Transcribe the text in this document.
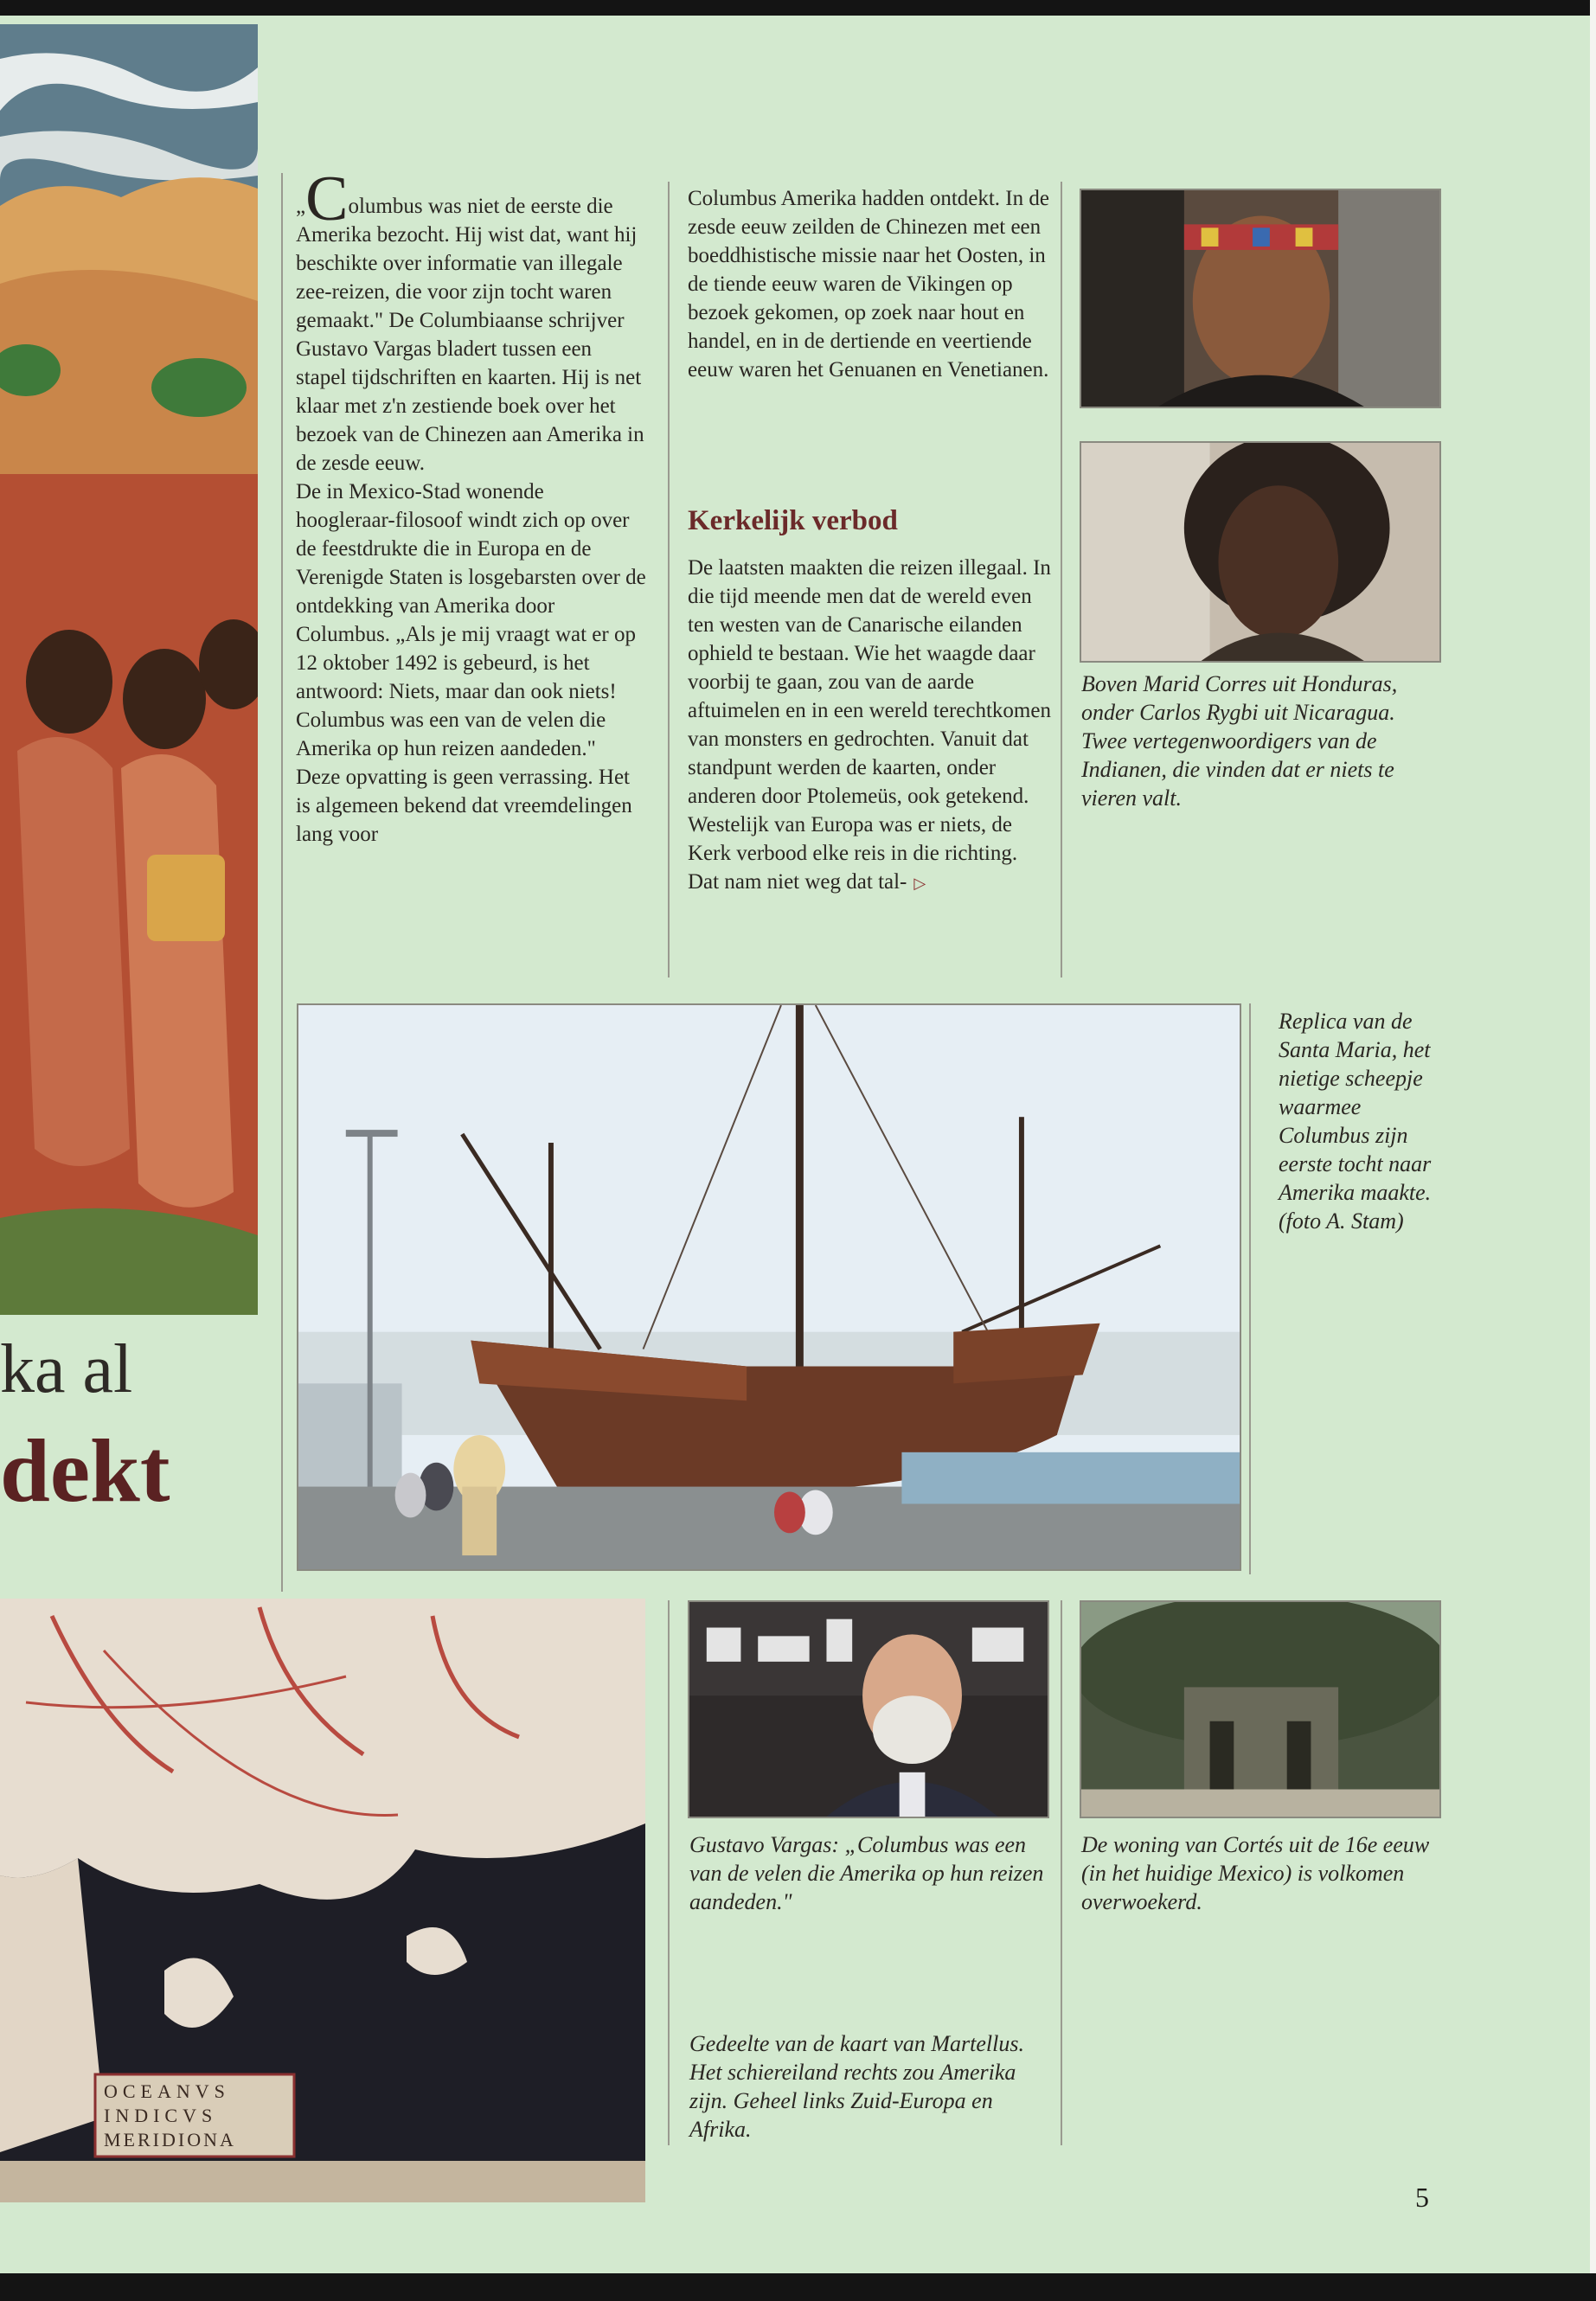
ka al
dekt

„Columbus was niet de eerste die Amerika bezocht. Hij wist dat, want hij beschikte over informatie van illegale zee-reizen, die voor zijn tocht waren gemaakt." De Columbiaanse schrijver Gustavo Vargas bladert tussen een stapel tijdschriften en kaarten. Hij is net klaar met z'n zestiende boek over het bezoek van de Chinezen aan Amerika in de zesde eeuw.

De in Mexico-Stad wonende hoogleraar-filosoof windt zich op over de feestdrukte die in Europa en de Verenigde Staten is losgebarsten over de ontdekking van Amerika door Columbus. „Als je mij vraagt wat er op 12 oktober 1492 is gebeurd, is het antwoord: Niets, maar dan ook niets! Columbus was een van de velen die Amerika op hun reizen aandeden."

Deze opvatting is geen verrassing. Het is algemeen bekend dat vreemdelingen lang voor

Columbus Amerika hadden ontdekt. In de zesde eeuw zeilden de Chinezen met een boeddhistische missie naar het Oosten, in de tiende eeuw waren de Vikingen op bezoek gekomen, op zoek naar hout en handel, en in de dertiende en veertiende eeuw waren het Genuanen en Venetianen.

Kerkelijk verbod

De laatsten maakten die reizen illegaal. In die tijd meende men dat de wereld even ten westen van de Canarische eilanden ophield te bestaan. Wie het waagde daar voorbij te gaan, zou van de aarde aftuimelen en in een wereld terechtkomen van monsters en gedrochten. Vanuit dat standpunt werden de kaarten, onder anderen door Ptolemeüs, ook getekend. Westelijk van Europa was er niets, de Kerk verbood elke reis in die richting. Dat nam niet weg dat tal- ▷

Boven Marid Corres uit Honduras, onder Carlos Rygbi uit Nicaragua. Twee vertegenwoordigers van de Indianen, die vinden dat er niets te vieren valt.
Replica van de Santa Maria, het nietige scheepje waarmee Columbus zijn eerste tocht naar Amerika maakte. (foto A. Stam)
OCEANVS
INDICVS
MERIDIONA
Gustavo Vargas: „Columbus was een van de velen die Amerika op hun reizen aandeden."
De woning van Cortés uit de 16e eeuw (in het huidige Mexico) is volkomen overwoekerd.
Gedeelte van de kaart van Martellus. Het schiereiland rechts zou Amerika zijn. Geheel links Zuid-Europa en Afrika.
5
